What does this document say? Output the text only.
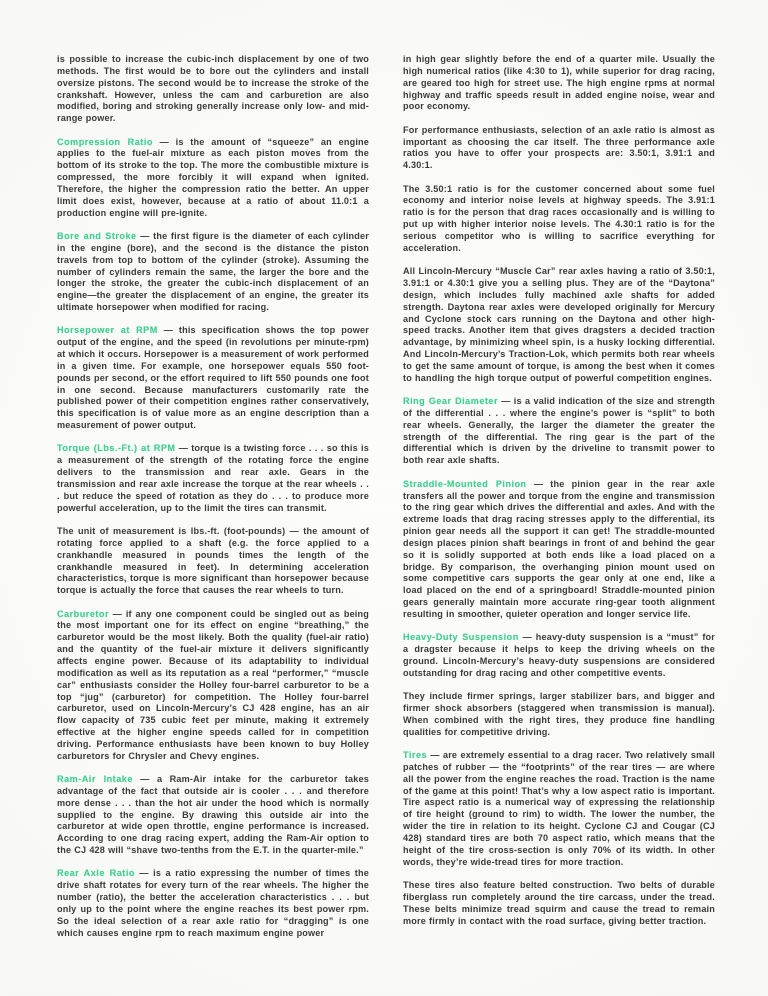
is possible to increase the cubic-inch displacement by one of two methods. The first would be to bore out the cylinders and install oversize pistons. The second would be to increase the stroke of the crankshaft. However, unless the cam and carburetion are also modified, boring and stroking generally increase only low- and mid-range power.

Compression Ratio — is the amount of “squeeze” an engine applies to the fuel-air mixture as each piston moves from the bottom of its stroke to the top. The more the combustible mixture is compressed, the more forcibly it will expand when ignited. Therefore, the higher the compression ratio the better. An upper limit does exist, however, because at a ratio of about 11.0:1 a production engine will pre-ignite.

Bore and Stroke — the first figure is the diameter of each cylinder in the engine (bore), and the second is the distance the piston travels from top to bottom of the cylinder (stroke). Assuming the number of cylinders remain the same, the larger the bore and the longer the stroke, the greater the cubic-inch displacement of an engine—the greater the displacement of an engine, the greater its ultimate horsepower when modified for racing.

Horsepower at RPM — this specification shows the top power output of the engine, and the speed (in revolutions per minute-rpm) at which it occurs. Horsepower is a measurement of work performed in a given time. For example, one horsepower equals 550 foot-pounds per second, or the effort required to lift 550 pounds one foot in one second. Because manufacturers customarily rate the published power of their competition engines rather conservatively, this specification is of value more as an engine description than a measurement of power output.

Torque (Lbs.-Ft.) at RPM — torque is a twisting force . . . so this is a measurement of the strength of the rotating force the engine delivers to the transmission and rear axle. Gears in the transmission and rear axle increase the torque at the rear wheels . . . but reduce the speed of rotation as they do . . . to produce more powerful acceleration, up to the limit the tires can transmit.

The unit of measurement is lbs.-ft. (foot-pounds) — the amount of rotating force applied to a shaft (e.g. the force applied to a crankhandle measured in pounds times the length of the crankhandle measured in feet). In determining acceleration characteristics, torque is more significant than horsepower because torque is actually the force that causes the rear wheels to turn.

Carburetor — if any one component could be singled out as being the most important one for its effect on engine “breathing,” the carburetor would be the most likely. Both the quality (fuel-air ratio) and the quantity of the fuel-air mixture it delivers significantly affects engine power. Because of its adaptability to individual modification as well as its reputation as a real “performer,” “muscle car” enthusiasts consider the Holley four-barrel carburetor to be a top “jug” (carburetor) for competition. The Holley four-barrel carburetor, used on Lincoln-Mercury’s CJ 428 engine, has an air flow capacity of 735 cubic feet per minute, making it extremely effective at the higher engine speeds called for in competition driving. Performance enthusiasts have been known to buy Holley carburetors for Chrysler and Chevy engines.

Ram-Air Intake — a Ram-Air intake for the carburetor takes advantage of the fact that outside air is cooler . . . and therefore more dense . . . than the hot air under the hood which is normally supplied to the engine. By drawing this outside air into the carburetor at wide open throttle, engine performance is increased. According to one drag racing expert, adding the Ram-Air option to the CJ 428 will “shave two-tenths from the E.T. in the quarter-mile.”

Rear Axle Ratio — is a ratio expressing the number of times the drive shaft rotates for every turn of the rear wheels. The higher the number (ratio), the better the acceleration characteristics . . . but only up to the point where the engine reaches its best power rpm. So the ideal selection of a rear axle ratio for “dragging” is one which causes engine rpm to reach maximum engine power

in high gear slightly before the end of a quarter mile. Usually the high numerical ratios (like 4:30 to 1), while superior for drag racing, are geared too high for street use. The high engine rpms at normal highway and traffic speeds result in added engine noise, wear and poor economy.

For performance enthusiasts, selection of an axle ratio is almost as important as choosing the car itself. The three performance axle ratios you have to offer your prospects are: 3.50:1, 3.91:1 and 4.30:1.

The 3.50:1 ratio is for the customer concerned about some fuel economy and interior noise levels at highway speeds. The 3.91:1 ratio is for the person that drag races occasionally and is willing to put up with higher interior noise levels. The 4.30:1 ratio is for the serious competitor who is willing to sacrifice everything for acceleration.

All Lincoln-Mercury “Muscle Car” rear axles having a ratio of 3.50:1, 3.91:1 or 4.30:1 give you a selling plus. They are of the “Daytona” design, which includes fully machined axle shafts for added strength. Daytona rear axles were developed originally for Mercury and Cyclone stock cars running on the Daytona and other high-speed tracks. Another item that gives dragsters a decided traction advantage, by minimizing wheel spin, is a husky locking differential. And Lincoln-Mercury’s Traction-Lok, which permits both rear wheels to get the same amount of torque, is among the best when it comes to handling the high torque output of powerful competition engines.

Ring Gear Diameter — is a valid indication of the size and strength of the differential . . . where the engine’s power is “split” to both rear wheels. Generally, the larger the diameter the greater the strength of the differential. The ring gear is the part of the differential which is driven by the driveline to transmit power to both rear axle shafts.

Straddle-Mounted Pinion — the pinion gear in the rear axle transfers all the power and torque from the engine and transmission to the ring gear which drives the differential and axles. And with the extreme loads that drag racing stresses apply to the differential, its pinion gear needs all the support it can get! The straddle-mounted design places pinion shaft bearings in front of and behind the gear so it is solidly supported at both ends like a load placed on a bridge. By comparison, the overhanging pinion mount used on some competitive cars supports the gear only at one end, like a load placed on the end of a springboard! Straddle-mounted pinion gears generally maintain more accurate ring-gear tooth alignment resulting in smoother, quieter operation and longer service life.

Heavy-Duty Suspension — heavy-duty suspension is a “must” for a dragster because it helps to keep the driving wheels on the ground. Lincoln-Mercury’s heavy-duty suspensions are considered outstanding for drag racing and other competitive events.

They include firmer springs, larger stabilizer bars, and bigger and firmer shock absorbers (staggered when transmission is manual). When combined with the right tires, they produce fine handling qualities for competitive driving.

Tires — are extremely essential to a drag racer. Two relatively small patches of rubber — the “footprints” of the rear tires — are where all the power from the engine reaches the road. Traction is the name of the game at this point! That’s why a low aspect ratio is important. Tire aspect ratio is a numerical way of expressing the relationship of tire height (ground to rim) to width. The lower the number, the wider the tire in relation to its height. Cyclone CJ and Cougar (CJ 428) standard tires are both 70 aspect ratio, which means that the height of the tire cross-section is only 70% of its width. In other words, they’re wide-tread tires for more traction.

These tires also feature belted construction. Two belts of durable fiberglass run completely around the tire carcass, under the tread. These belts minimize tread squirm and cause the tread to remain more firmly in contact with the road surface, giving better traction.
